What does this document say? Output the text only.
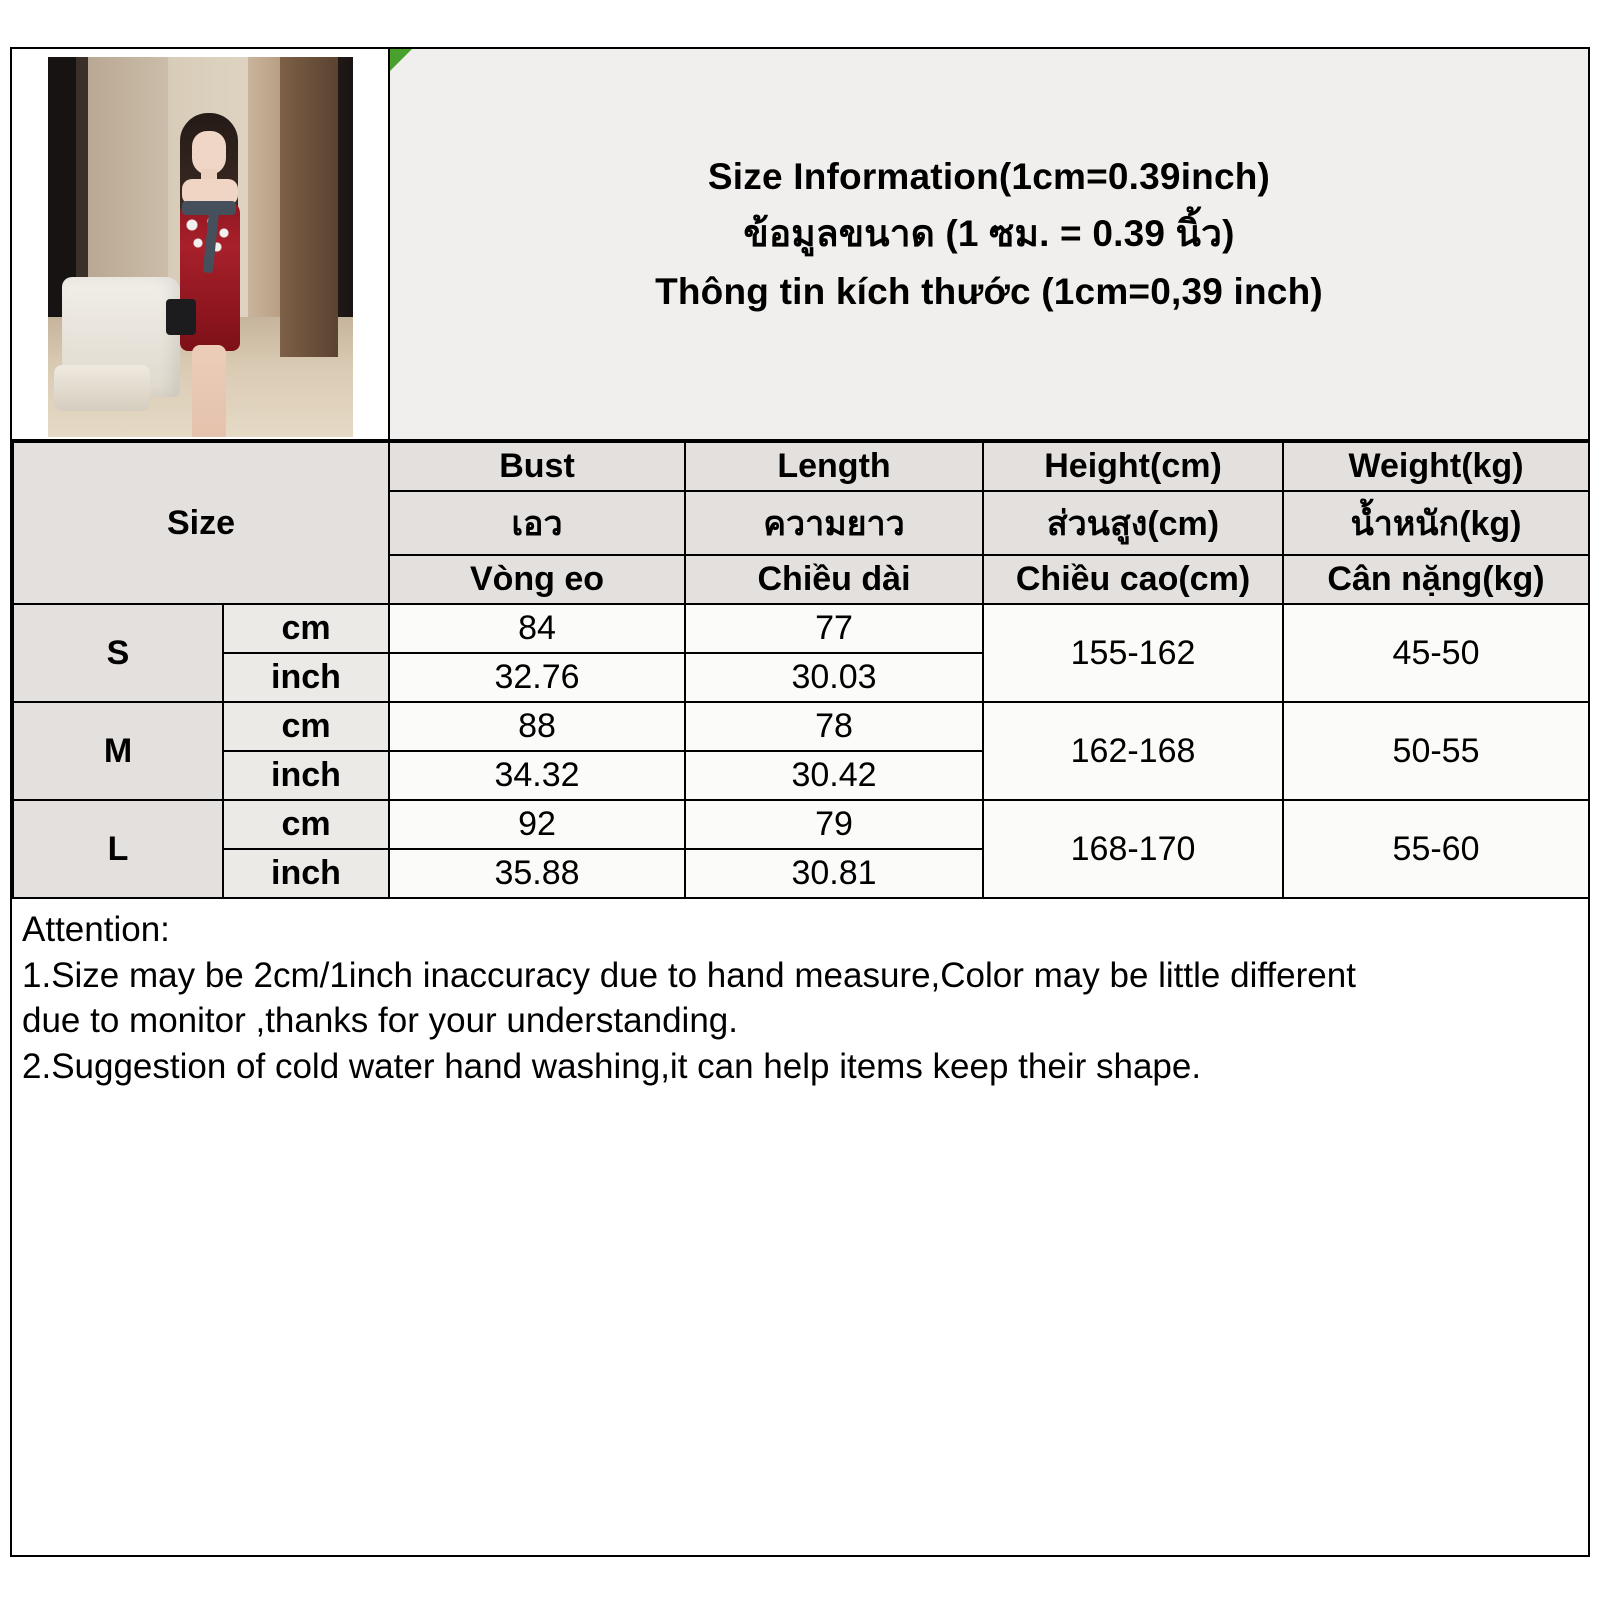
Size Information(1cm=0.39inch)
ข้อมูลขนาด (1 ซม. = 0.39 นิ้ว)
Thông tin kích thước (1cm=0,39 inch)
Size		Bust	Length	Height(cm)	Weight(kg)
		เอว	ความยาว	ส่วนสูง(cm)	น้ำหนัก(kg)
		Vòng eo	Chiều dài	Chiều cao(cm)	Cân nặng(kg)
S	cm	84	77	155-162	45-50
	inch	32.76	30.03		
M	cm	88	78	162-168	50-55
	inch	34.32	30.42		
L	cm	92	79	168-170	55-60
	inch	35.88	30.81		

Attention:

1.Size may be 2cm/1inch inaccuracy due to hand measure,Color may be little different

due to monitor ,thanks for your understanding.

2.Suggestion of cold water hand washing,it can help items keep their shape.
